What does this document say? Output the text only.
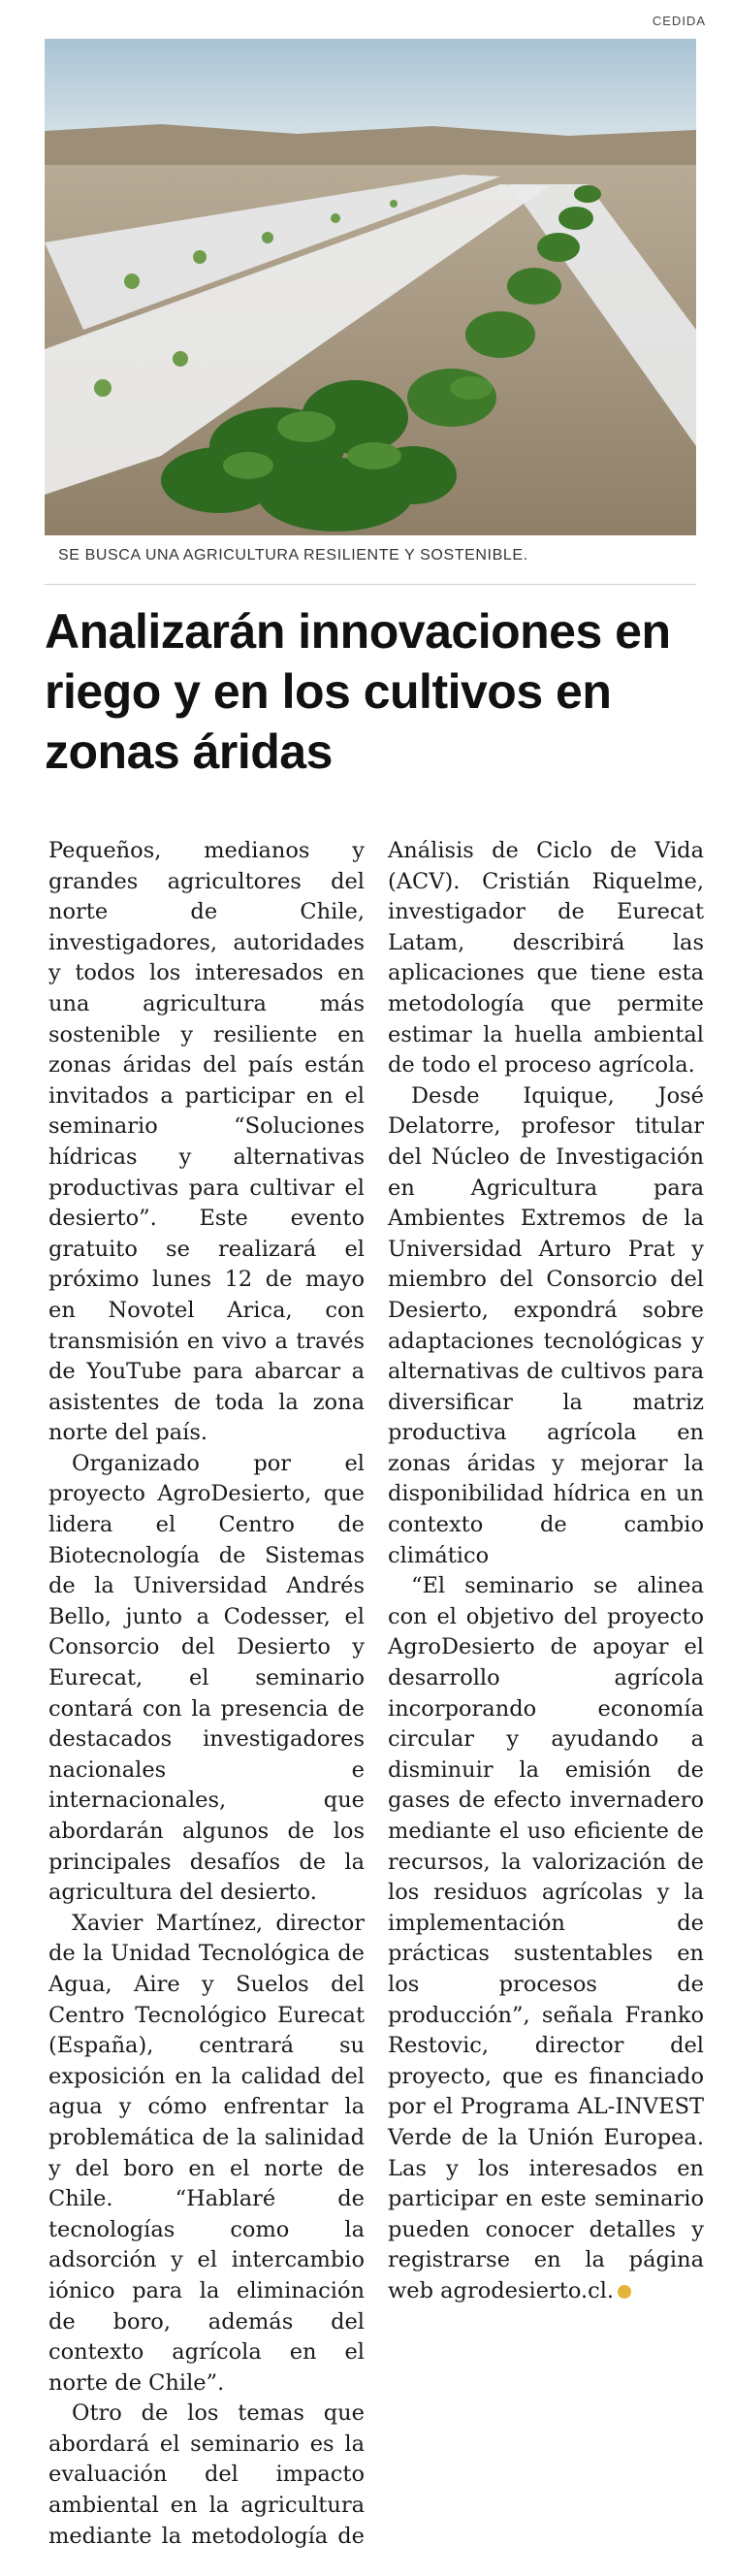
CEDIDA
SE BUSCA UNA AGRICULTURA RESILIENTE Y SOSTENIBLE.
Analizarán innovaciones en riego y en los cultivos en zonas áridas

Pequeños, medianos y grandes agricultores del norte de Chile, investigadores, autoridades y todos los interesados en una agricultura más sostenible y resiliente en zonas áridas del país están invitados a participar en el seminario “Soluciones hídricas y alternativas productivas para cultivar el desierto”. Este evento gratuito se realizará el próximo lunes 12 de mayo en Novotel Arica, con transmisión en vivo a través de YouTube para abarcar a asistentes de toda la zona norte del país.

Organizado por el proyecto AgroDesierto, que lidera el Centro de Biotecnología de Sistemas de la Universidad Andrés Bello, junto a Codesser, el Consorcio del Desierto y Eurecat, el seminario contará con la presencia de destacados investigadores nacionales e internacionales, que abordarán algunos de los principales desafíos de la agricultura del desierto.

Xavier Martínez, director de la Unidad Tecnológica de Agua, Aire y Suelos del Centro Tecnológico Eurecat (España), centrará su exposición en la calidad del agua y cómo enfrentar la problemática de la salinidad y del boro en el norte de Chile. “Hablaré de tecnologías como la adsorción y el intercambio iónico para la eliminación de boro, además del contexto agrícola en el norte de Chile”.

Otro de los temas que abordará el seminario es la evaluación del impacto ambiental en la agricultura mediante la metodología de Análisis de Ciclo de Vida (ACV). Cristián Riquelme, investigador de Eurecat Latam, describirá las aplicaciones que tiene esta metodología que permite estimar la huella ambiental de todo el proceso agrícola.

Desde Iquique, José Delatorre, profesor titular del Núcleo de Investigación en Agricultura para Ambientes Extremos de la Universidad Arturo Prat y miembro del Consorcio del Desierto, expondrá sobre adaptaciones tecnológicas y alternativas de cultivos para diversificar la matriz productiva agrícola en zonas áridas y mejorar la disponibilidad hídrica en un contexto de cambio climático

“El seminario se alinea con el objetivo del proyecto AgroDesierto de apoyar el desarrollo agrícola incorporando economía circular y ayudando a disminuir la emisión de gases de efecto invernadero mediante el uso eficiente de recursos, la valorización de los residuos agrícolas y la implementación de prácticas sustentables en los procesos de producción”, señala Franko Restovic, director del proyecto, que es financiado por el Programa AL-INVEST Verde de la Unión Europea. Las y los interesados en participar en este seminario pueden conocer detalles y registrarse en la página web agrodesierto.cl.
